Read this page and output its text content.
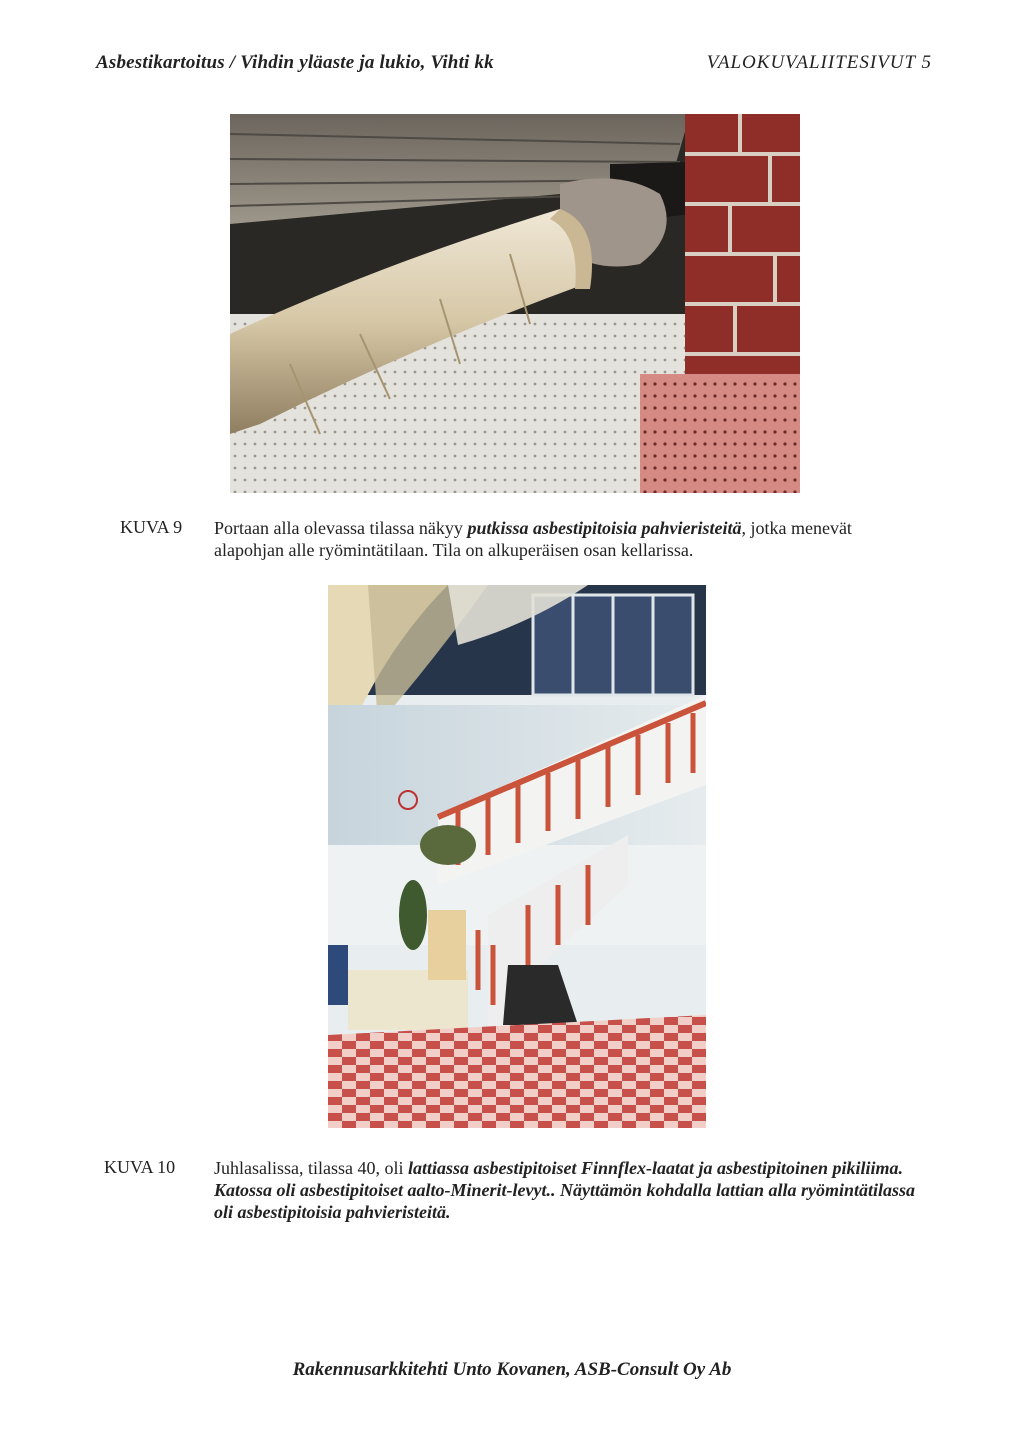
Asbestikartoitus / Vihdin yläaste ja lukio, Vihti kk	VALOKUVALIITESIVUT 5
KUVA 9 Portaan alla olevassa tilassa näkyy putkissa asbestipitoisia pahvieristeitä, jotka menevät alapohjan alle ryömintätilaan. Tila on alkuperäisen osan kellarissa.
KUVA 10 Juhlasalissa, tilassa 40, oli lattiassa asbestipitoiset Finnflex-laatat ja asbestipitoinen pikiliima. Katossa oli asbestipitoiset aalto-Minerit-levyt.. Näyttämön kohdalla lattian alla ryömintätilassa oli asbestipitoisia pahvieristeitä.
Rakennusarkkitehti Unto Kovanen, ASB-Consult Oy Ab
